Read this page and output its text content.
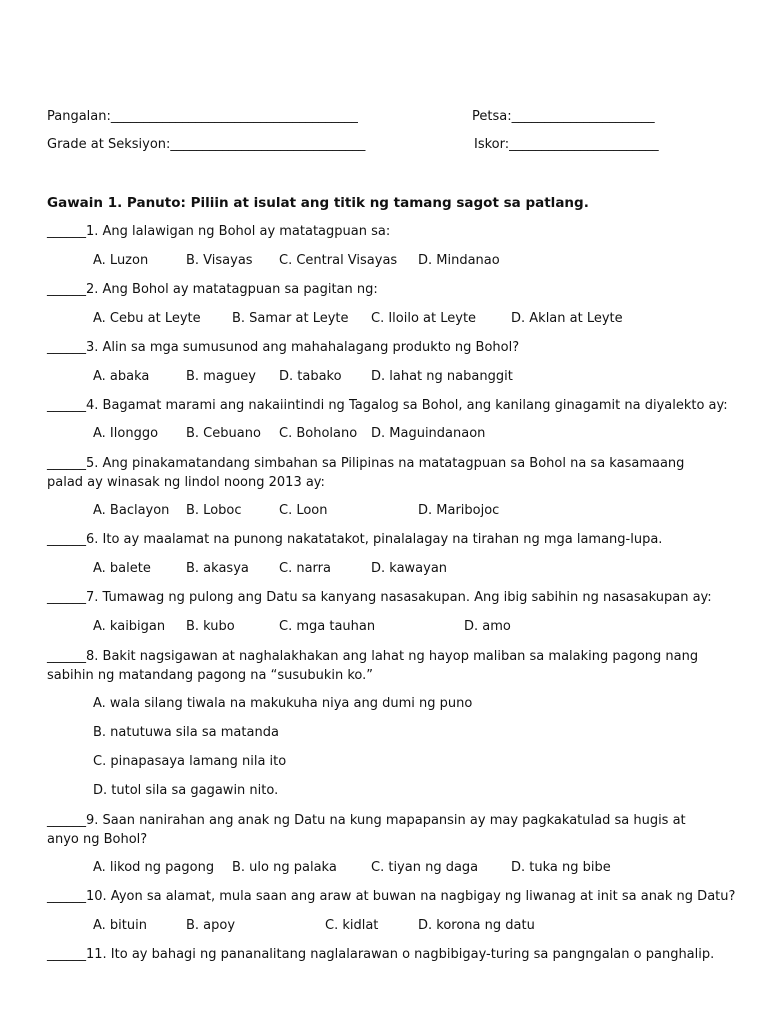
Pangalan:______________________________________	Petsa:______________________
Grade at Seksiyon:______________________________	Iskor:_______________________
Gawain 1. Panuto: Piliin at isulat ang titik ng tamang sagot sa patlang.
______1. Ang lalawigan ng Bohol ay matatagpuan sa:
A. Luzon	B. Visayas C. Central Visayas D. Mindanao
______2. Ang Bohol ay matatagpuan sa pagitan ng:
A. Cebu at Leyte B. Samar at Leyte C. Iloilo at Leyte	D. Aklan at Leyte
______3. Alin sa mga sumusunod ang mahahalagang produkto ng Bohol?
A. abaka	B. maguey D. tabako D. lahat ng nabanggit
______4. Bagamat marami ang nakaiintindi ng Tagalog sa Bohol, ang kanilang ginagamit na diyalekto ay:
A. Ilonggo B. Cebuano C. Boholano D. Maguindanaon
______5. Ang pinakamatandang simbahan sa Pilipinas na matatagpuan sa Bohol na sa kasamaang palad ay winasak ng lindol noong 2013 ay:
A. Baclayon B. Loboc	C. Loon	D. Maribojoc
______6. Ito ay maalamat na punong nakatatakot, pinalalagay na tirahan ng mga lamang-lupa.
A. balete	B. akasya C. narra	D. kawayan
______7. Tumawag ng pulong ang Datu sa kanyang nasasakupan. Ang ibig sabihin ng nasasakupan ay:
A. kaibigan B. kubo	C. mga tauhan	D. amo
______8. Bakit nagsigawan at naghalakhakan ang lahat ng hayop maliban sa malaking pagong nang sabihin ng matandang pagong na “susubukin ko.”
A. wala silang tiwala na makukuha niya ang dumi ng puno
B. natutuwa sila sa matanda
C. pinapasaya lamang nila ito
D. tutol sila sa gagawin nito.
______9. Saan nanirahan ang anak ng Datu na kung mapapansin ay may pagkakatulad sa hugis at anyo ng Bohol?
A. likod ng pagong B. ulo ng palaka	C. tiyan ng daga	D. tuka ng bibe
______10. Ayon sa alamat, mula saan ang araw at buwan na nagbigay ng liwanag at init sa anak ng Datu?
A. bituin	B. apoy	C. kidlat	D. korona ng datu
______11. Ito ay bahagi ng pananalitang naglalarawan o nagbibigay-turing sa pangngalan o panghalip.
